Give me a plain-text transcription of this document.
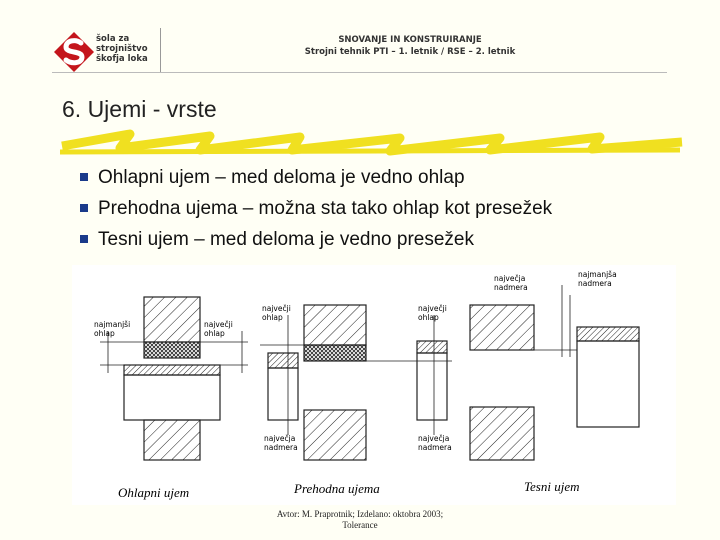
šola za
strojništvo
škofja loka
SNOVANJE IN KONSTRUIRANJE
Strojni tehnik PTI – 1. letnik / RSE – 2. letnik
6. Ujemi - vrste
Ohlapni ujem – med deloma je vedno ohlap
Prehodna ujema – možna sta tako ohlap kot presežek
Tesni ujem – med deloma je vedno presežek
najmanjši ohlap
največji ohlap
največji ohlap
največji ohlap
največja nadmera
največja nadmera
največja nadmera
najmanjša nadmera
Ohlapni ujem	Prehodna ujema	Tesni ujem
Avtor: M. Praprotnik; Izdelano: oktobra 2003;
Tolerance
